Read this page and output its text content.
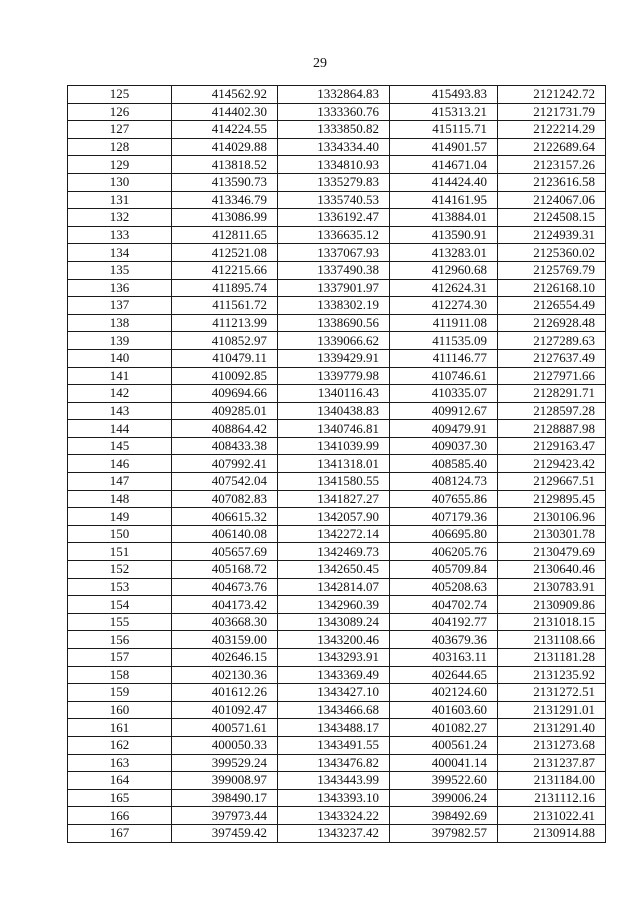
29
125	414562.92	1332864.83	415493.83	2121242.72
126	414402.30	1333360.76	415313.21	2121731.79
127	414224.55	1333850.82	415115.71	2122214.29
128	414029.88	1334334.40	414901.57	2122689.64
129	413818.52	1334810.93	414671.04	2123157.26
130	413590.73	1335279.83	414424.40	2123616.58
131	413346.79	1335740.53	414161.95	2124067.06
132	413086.99	1336192.47	413884.01	2124508.15
133	412811.65	1336635.12	413590.91	2124939.31
134	412521.08	1337067.93	413283.01	2125360.02
135	412215.66	1337490.38	412960.68	2125769.79
136	411895.74	1337901.97	412624.31	2126168.10
137	411561.72	1338302.19	412274.30	2126554.49
138	411213.99	1338690.56	411911.08	2126928.48
139	410852.97	1339066.62	411535.09	2127289.63
140	410479.11	1339429.91	411146.77	2127637.49
141	410092.85	1339779.98	410746.61	2127971.66
142	409694.66	1340116.43	410335.07	2128291.71
143	409285.01	1340438.83	409912.67	2128597.28
144	408864.42	1340746.81	409479.91	2128887.98
145	408433.38	1341039.99	409037.30	2129163.47
146	407992.41	1341318.01	408585.40	2129423.42
147	407542.04	1341580.55	408124.73	2129667.51
148	407082.83	1341827.27	407655.86	2129895.45
149	406615.32	1342057.90	407179.36	2130106.96
150	406140.08	1342272.14	406695.80	2130301.78
151	405657.69	1342469.73	406205.76	2130479.69
152	405168.72	1342650.45	405709.84	2130640.46
153	404673.76	1342814.07	405208.63	2130783.91
154	404173.42	1342960.39	404702.74	2130909.86
155	403668.30	1343089.24	404192.77	2131018.15
156	403159.00	1343200.46	403679.36	2131108.66
157	402646.15	1343293.91	403163.11	2131181.28
158	402130.36	1343369.49	402644.65	2131235.92
159	401612.26	1343427.10	402124.60	2131272.51
160	401092.47	1343466.68	401603.60	2131291.01
161	400571.61	1343488.17	401082.27	2131291.40
162	400050.33	1343491.55	400561.24	2131273.68
163	399529.24	1343476.82	400041.14	2131237.87
164	399008.97	1343443.99	399522.60	2131184.00
165	398490.17	1343393.10	399006.24	2131112.16
166	397973.44	1343324.22	398492.69	2131022.41
167	397459.42	1343237.42	397982.57	2130914.88
